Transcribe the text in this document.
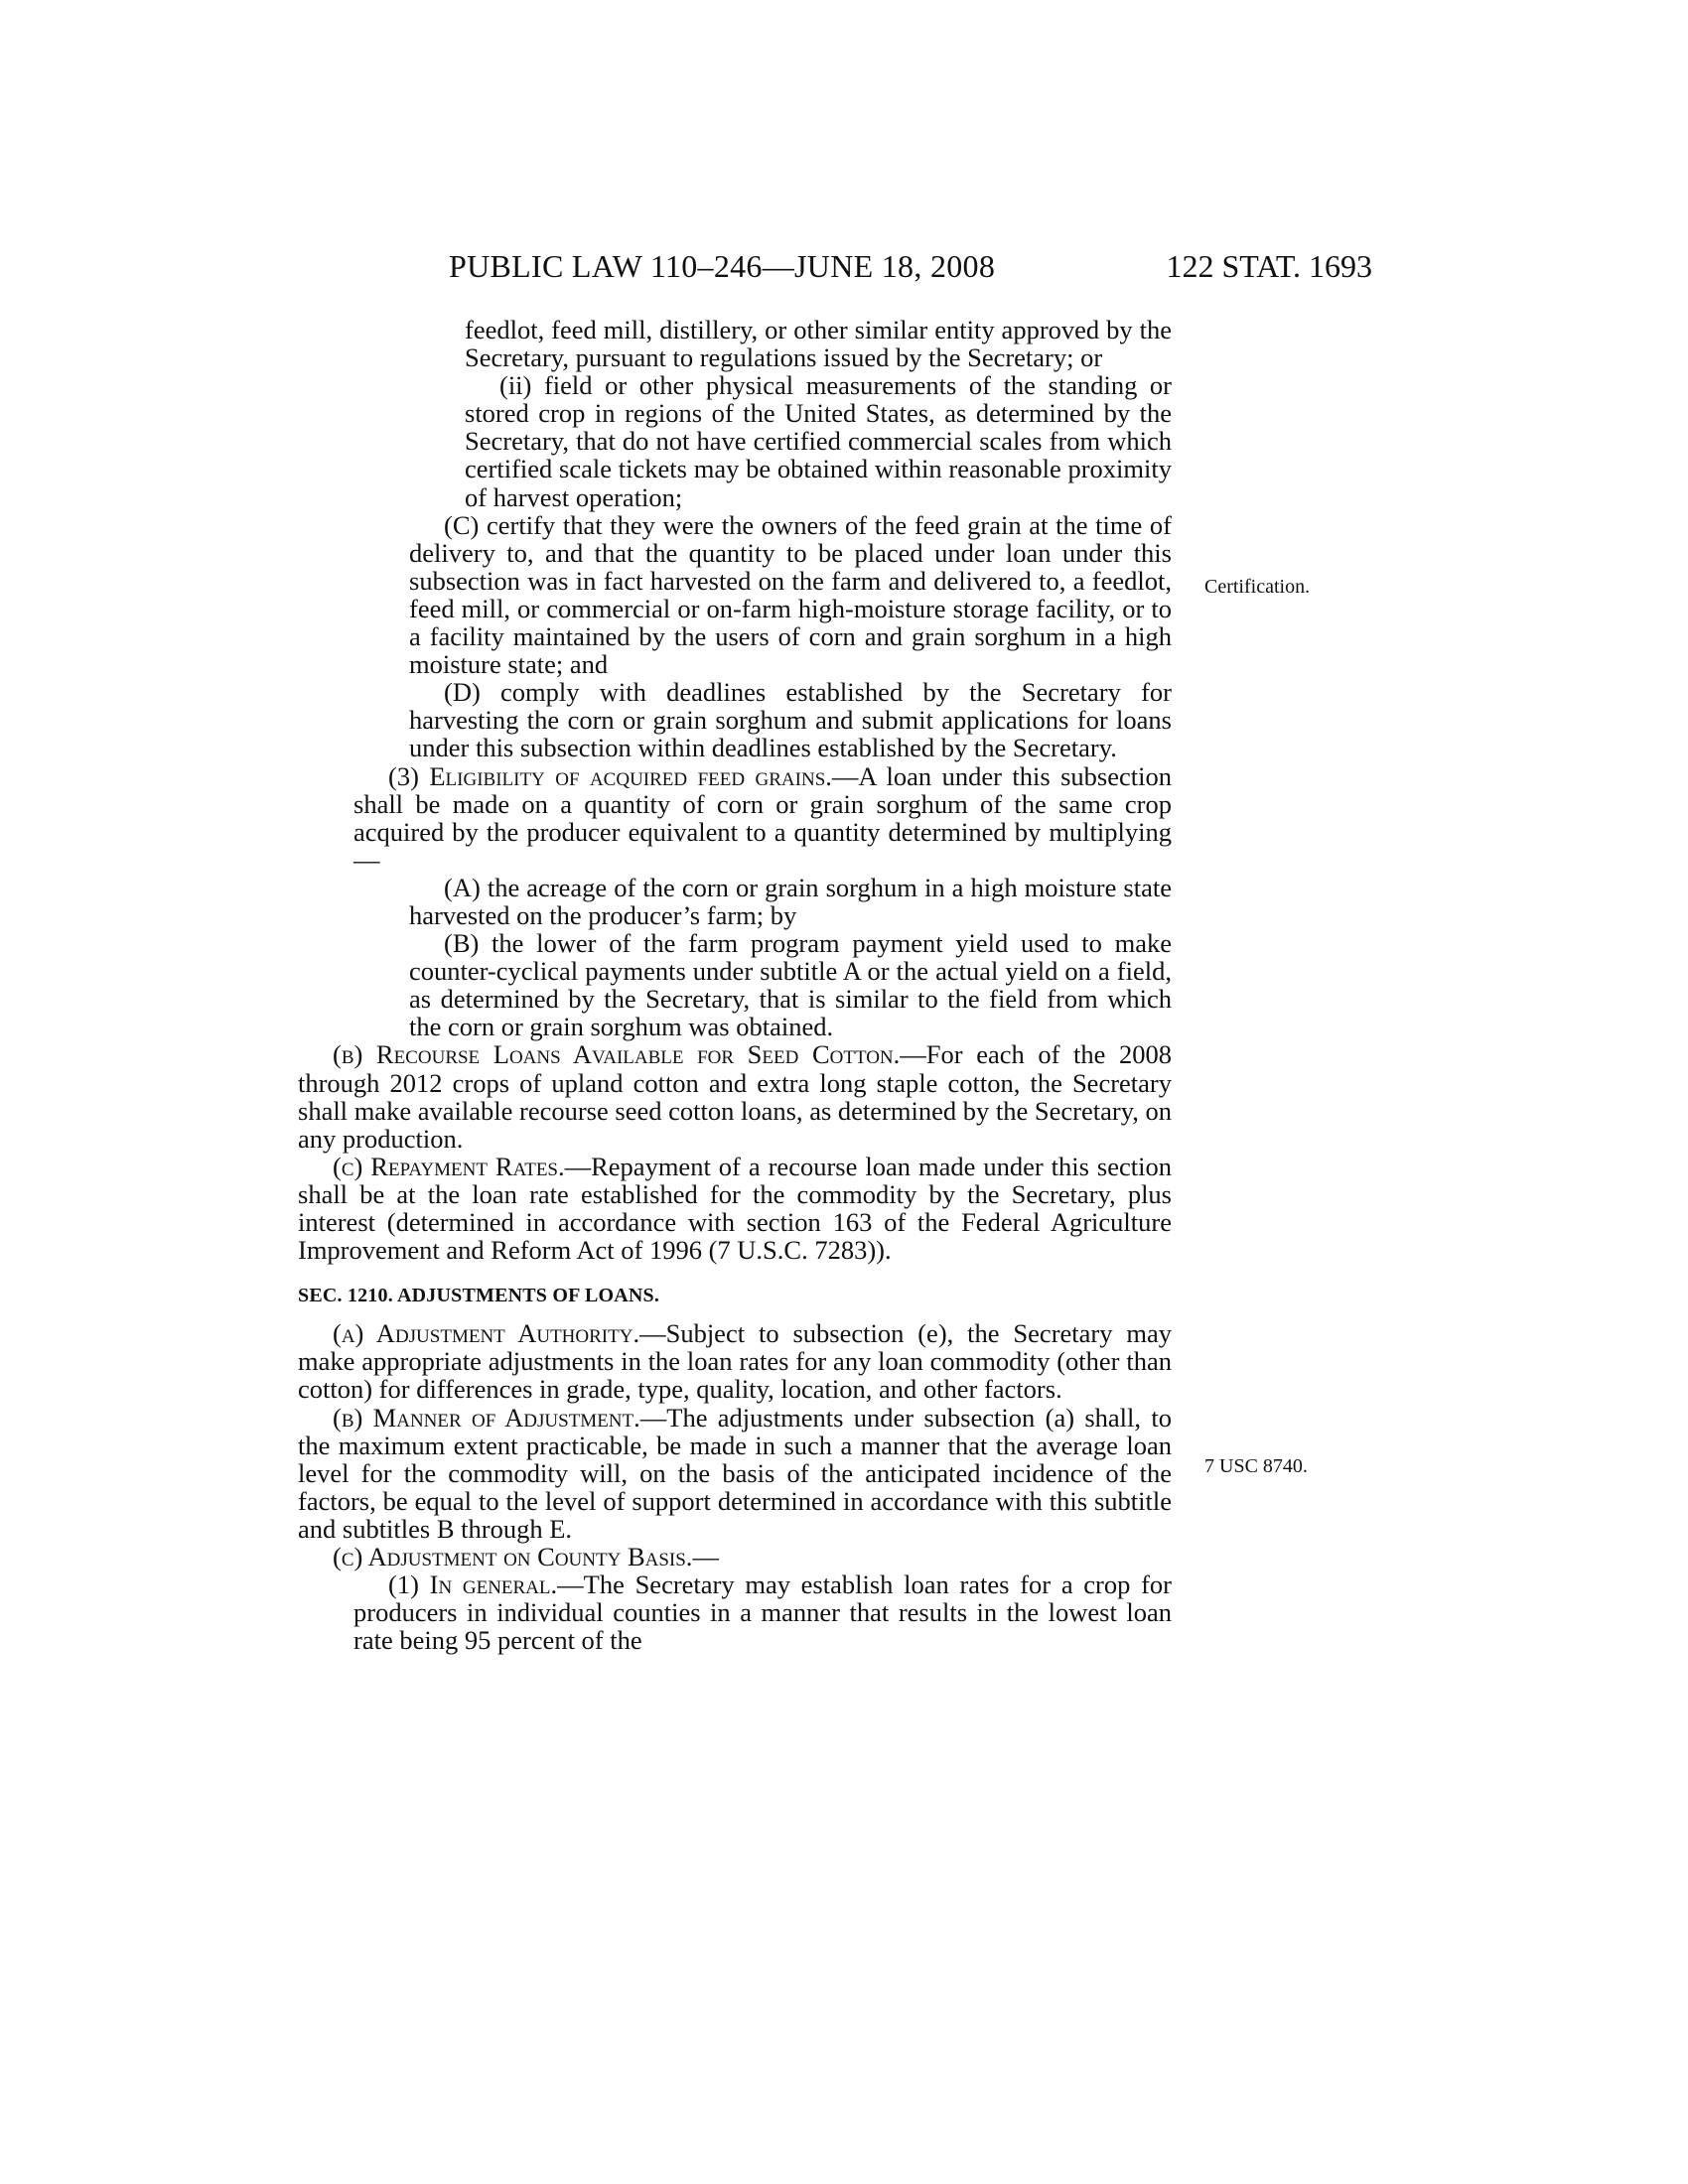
PUBLIC LAW 110–246—JUNE 18, 2008	122 STAT. 1693
Certification.
7 USC 8740.

feedlot, feed mill, distillery, or other similar entity approved by the Secretary, pursuant to regulations issued by the Secretary; or

(ii) field or other physical measurements of the standing or stored crop in regions of the United States, as determined by the Secretary, that do not have certified commercial scales from which certified scale tickets may be obtained within reasonable proximity of harvest operation;

(C) certify that they were the owners of the feed grain at the time of delivery to, and that the quantity to be placed under loan under this subsection was in fact harvested on the farm and delivered to, a feedlot, feed mill, or commercial or on-farm high-moisture storage facility, or to a facility maintained by the users of corn and grain sorghum in a high moisture state; and

(D) comply with deadlines established by the Secretary for harvesting the corn or grain sorghum and submit applications for loans under this subsection within deadlines established by the Secretary.

(3) Eligibility of acquired feed grains.—A loan under this subsection shall be made on a quantity of corn or grain sorghum of the same crop acquired by the producer equivalent to a quantity determined by multiplying—

(A) the acreage of the corn or grain sorghum in a high moisture state harvested on the producer’s farm; by

(B) the lower of the farm program payment yield used to make counter-cyclical payments under subtitle A or the actual yield on a field, as determined by the Secretary, that is similar to the field from which the corn or grain sorghum was obtained.

(b) Recourse Loans Available for Seed Cotton.—For each of the 2008 through 2012 crops of upland cotton and extra long staple cotton, the Secretary shall make available recourse seed cotton loans, as determined by the Secretary, on any production.

(c) Repayment Rates.—Repayment of a recourse loan made under this section shall be at the loan rate established for the commodity by the Secretary, plus interest (determined in accordance with section 163 of the Federal Agriculture Improvement and Reform Act of 1996 (7 U.S.C. 7283)).

SEC. 1210. ADJUSTMENTS OF LOANS.

(a) Adjustment Authority.—Subject to subsection (e), the Secretary may make appropriate adjustments in the loan rates for any loan commodity (other than cotton) for differences in grade, type, quality, location, and other factors.

(b) Manner of Adjustment.—The adjustments under subsection (a) shall, to the maximum extent practicable, be made in such a manner that the average loan level for the commodity will, on the basis of the anticipated incidence of the factors, be equal to the level of support determined in accordance with this subtitle and subtitles B through E.

(c) Adjustment on County Basis.—

(1) In general.—The Secretary may establish loan rates for a crop for producers in individual counties in a manner that results in the lowest loan rate being 95 percent of the
